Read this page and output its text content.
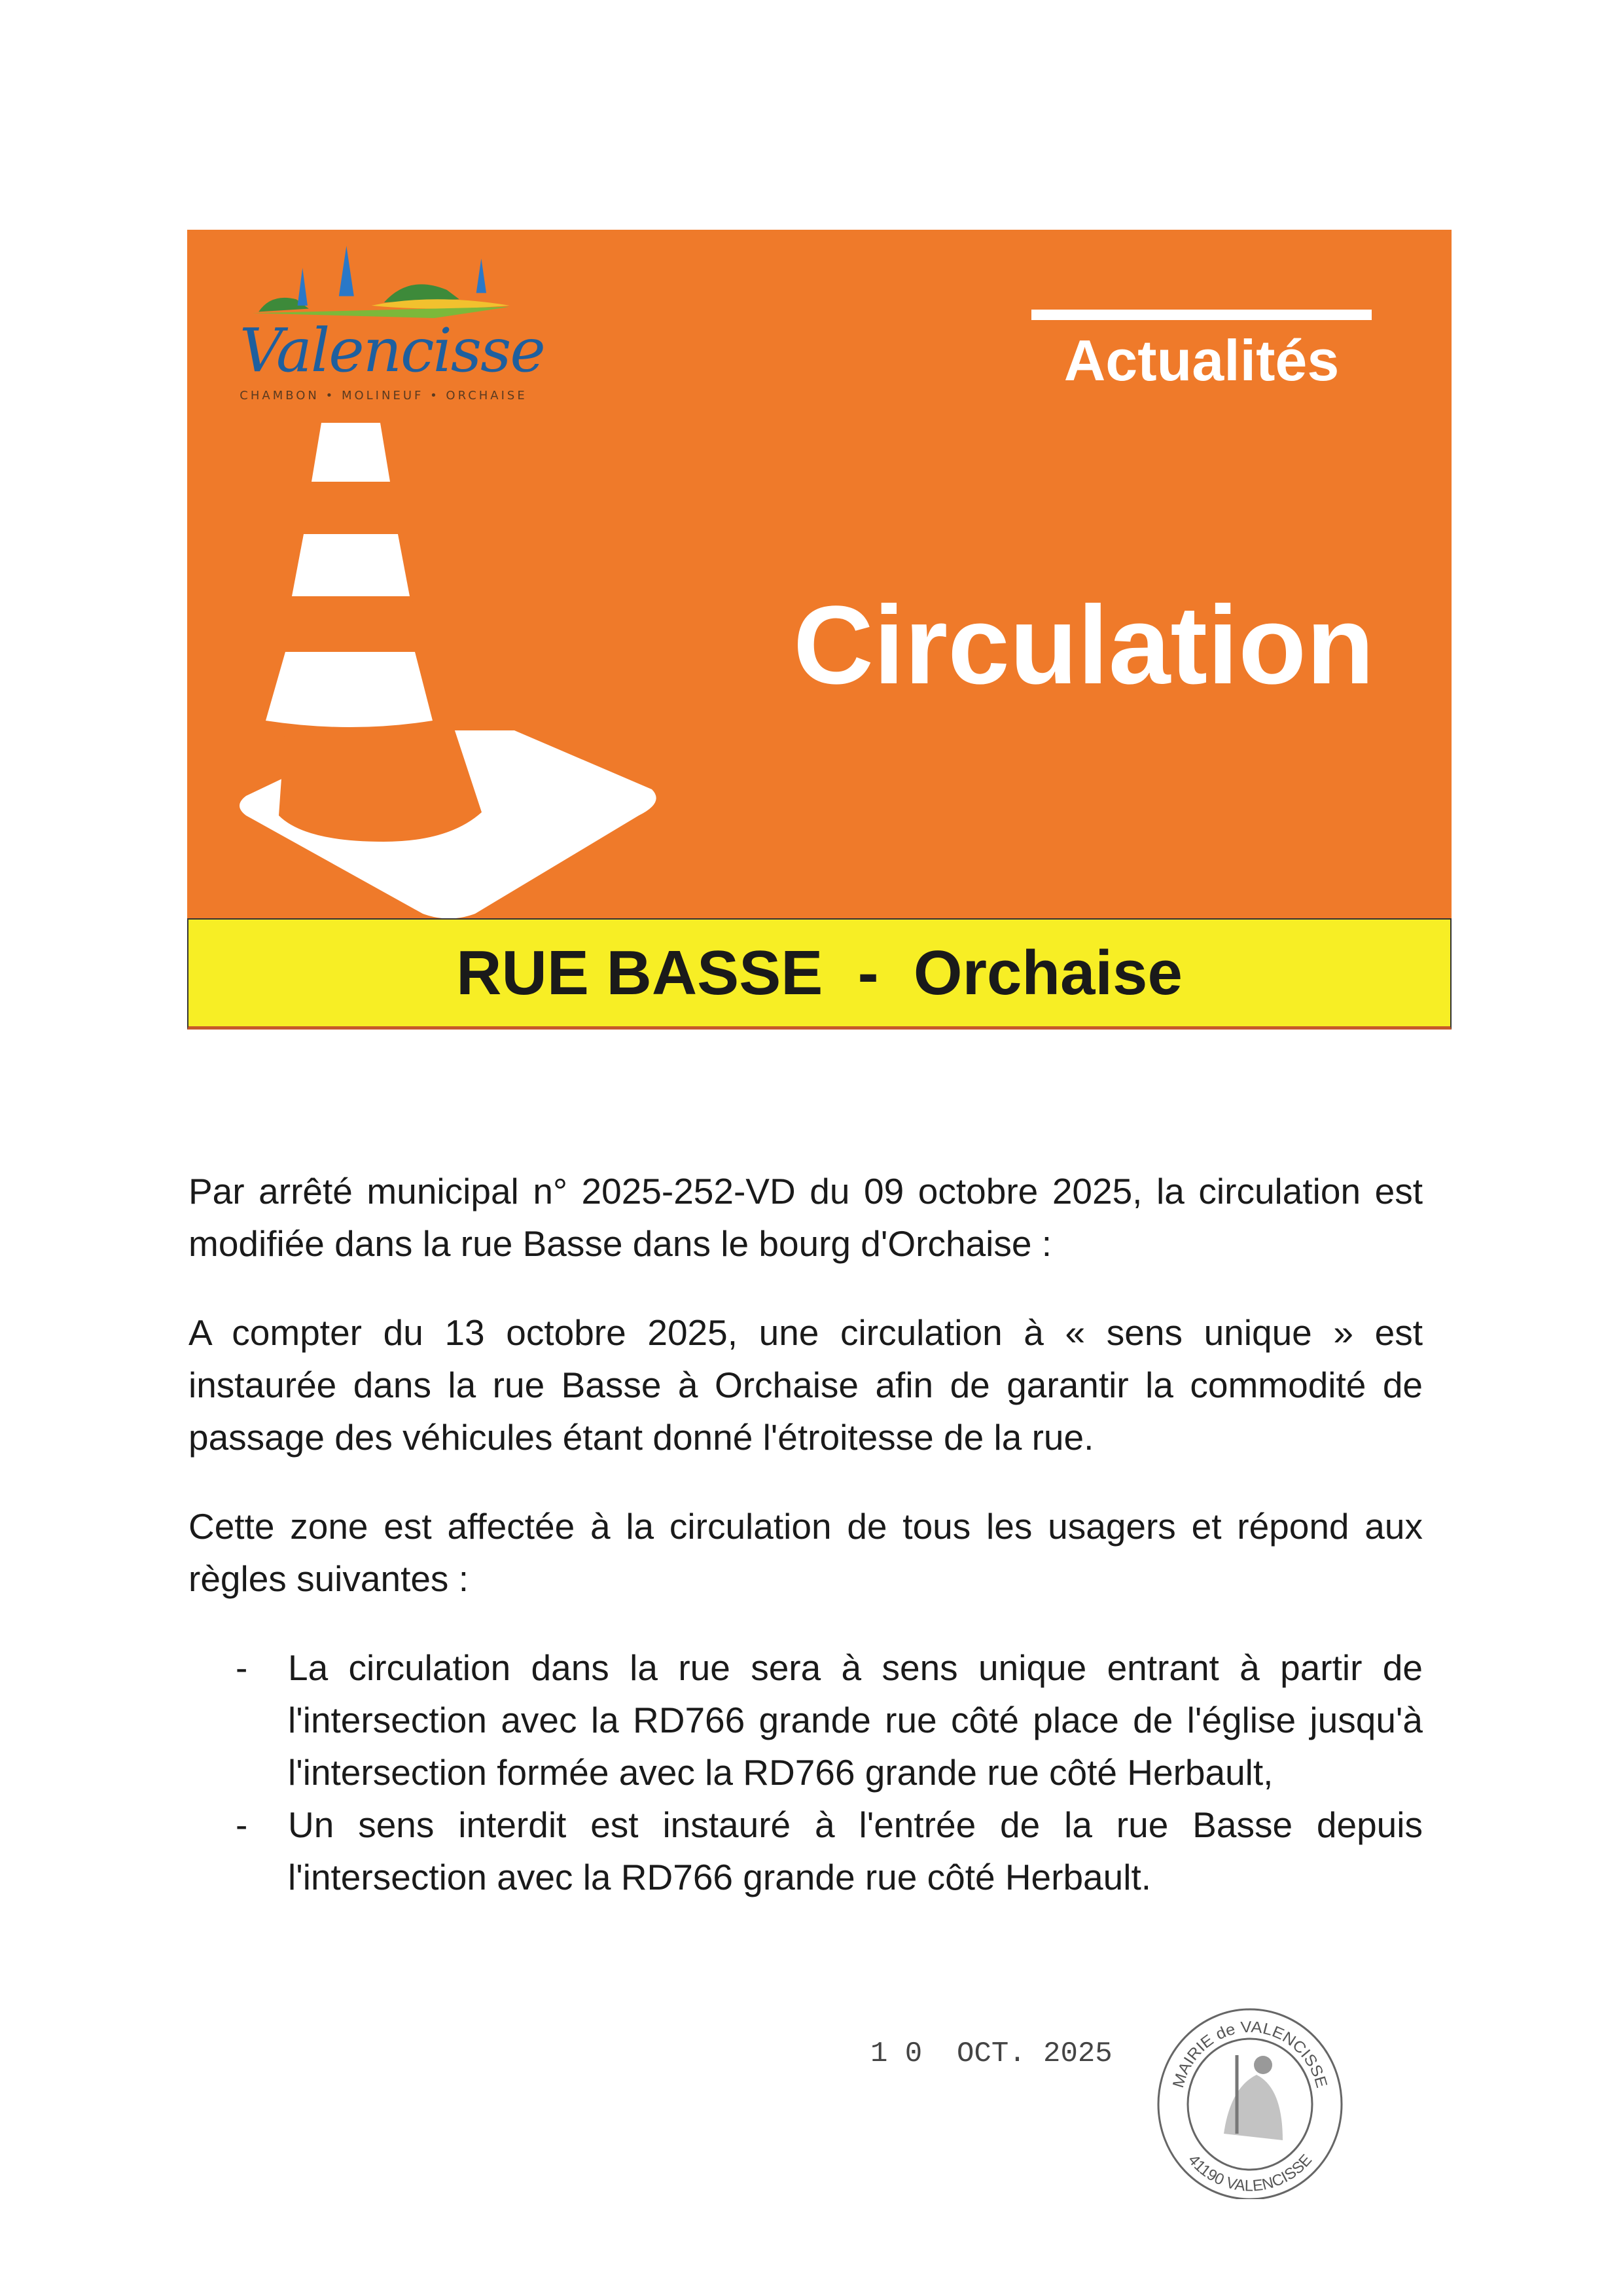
Valencisse
CHAMBON • MOLINEUF • ORCHAISE
Actualités
Circulation
RUE BASSE  -  Orchaise

Par arrêté municipal n° 2025-252-VD du 09 octobre 2025, la circulation est modifiée dans la rue Basse dans le bourg d'Orchaise :

A compter du 13 octobre 2025, une circulation à « sens unique » est instaurée dans la rue Basse à Orchaise afin de garantir la commodité de passage des véhicules étant donné l'étroitesse de la rue.

Cette zone est affectée à la circulation de tous les usagers et répond aux règles suivantes :

- La circulation dans la rue sera à sens unique entrant à partir de l'intersection avec la RD766 grande rue côté place de l'église jusqu'à l'intersection formée avec la RD766 grande rue côté Herbault,
- Un sens interdit est instauré à l'entrée de la rue Basse depuis l'intersection avec la RD766 grande rue côté Herbault.
1 0  OCT. 2025
MAIRIE de VALENCISSE
41190 VALENCISSE
